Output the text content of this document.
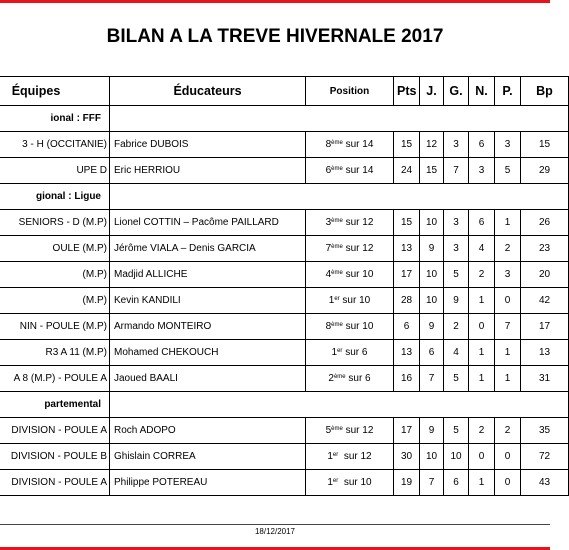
BILAN A LA TREVE HIVERNALE 2017
Équipes	Éducateurs	Position	Pts	J.	G.	N.	P.	Bp
ional : FFF								
3 - H (OCCITANIE)	Fabrice DUBOIS	8ème sur 14	15	12	3	6	3	15
UPE D	Eric HERRIOU	6ème sur 14	24	15	7	3	5	29
gional : Ligue								
SENIORS - D (M.P)	Lionel COTTIN – Pacôme PAILLARD	3ème sur 12	15	10	3	6	1	26
OULE (M.P)	Jérôme VIALA – Denis GARCIA	7ème sur 12	13	9	3	4	2	23
(M.P)	Madjid ALLICHE	4ème sur 10	17	10	5	2	3	20
(M.P)	Kevin KANDILI	1er sur 10	28	10	9	1	0	42
NIN - POULE (M.P)	Armando MONTEIRO	8ème sur 10	6	9	2	0	7	17
R3 A 11 (M.P)	Mohamed CHEKOUCH	1er sur 6	13	6	4	1	1	13
A 8 (M.P) - POULE A	Jaoued BAALI	2ème sur 6	16	7	5	1	1	31
partemental								
DIVISION - POULE A	Roch ADOPO	5ème sur 12	17	9	5	2	2	35
DIVISION - POULE B	Ghislain CORREA	1er  sur 12	30	10	10	0	0	72
DIVISION - POULE A	Philippe POTEREAU	1er  sur 10	19	7	6	1	0	43
18/12/2017
